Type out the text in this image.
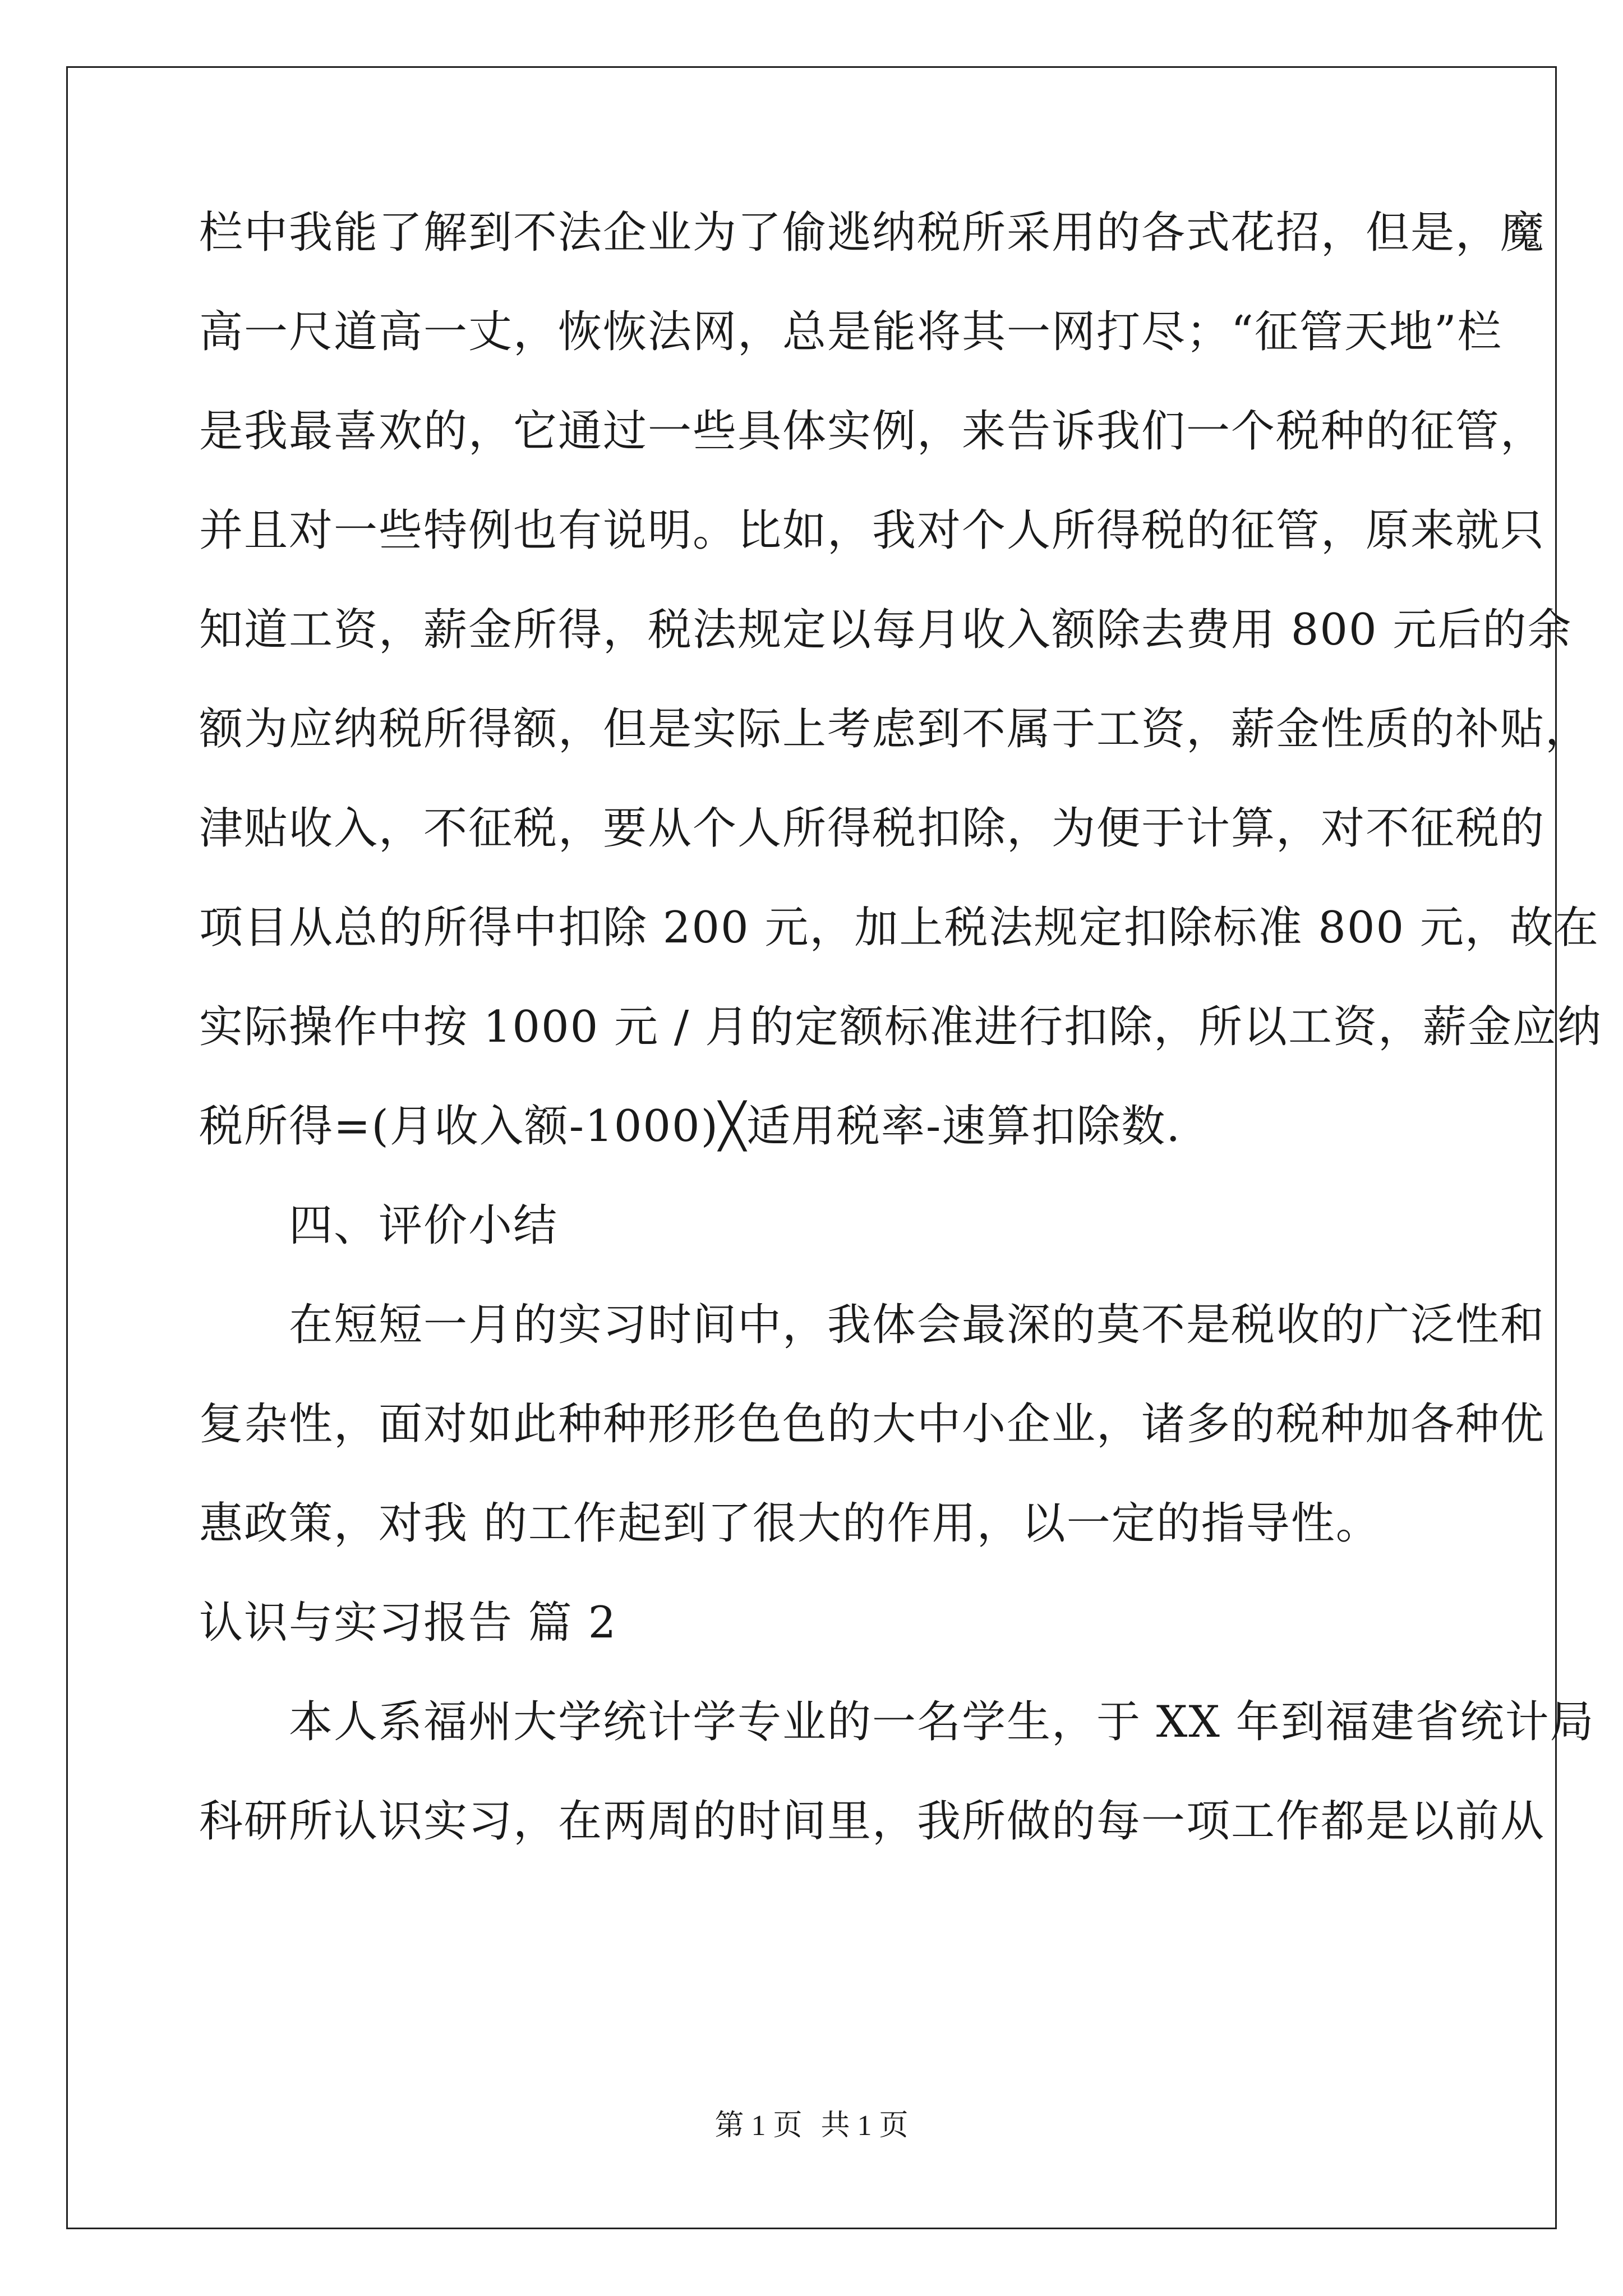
栏中我能了解到不法企业为了偷逃纳税所采用的各式花招，但是，魔
高一尺道高一丈，恢恢法网，总是能将其一网打尽；“征管天地”栏
是我最喜欢的，它通过一些具体实例，来告诉我们一个税种的征管，
并且对一些特例也有说明。比如，我对个人所得税的征管，原来就只
知道工资，薪金所得，税法规定以每月收入额除去费用 800 元后的余
额为应纳税所得额，但是实际上考虑到不属于工资，薪金性质的补贴，
津贴收入，不征税，要从个人所得税扣除，为便于计算，对不征税的
项目从总的所得中扣除 200 元，加上税法规定扣除标准 800 元，故在
实际操作中按 1000 元 / 月的定额标准进行扣除，所以工资，薪金应纳
税所得=(月收入额-1000)╳适用税率-速算扣除数.
四、评价小结
在短短一月的实习时间中，我体会最深的莫不是税收的广泛性和
复杂性，面对如此种种形形色色的大中小企业，诸多的税种加各种优
惠政策，对我 的工作起到了很大的作用，以一定的指导性。
认识与实习报告 篇 2
本人系福州大学统计学专业的一名学生，于 XX 年到福建省统计局
科研所认识实习，在两周的时间里，我所做的每一项工作都是以前从
第 1 页 共 1 页
